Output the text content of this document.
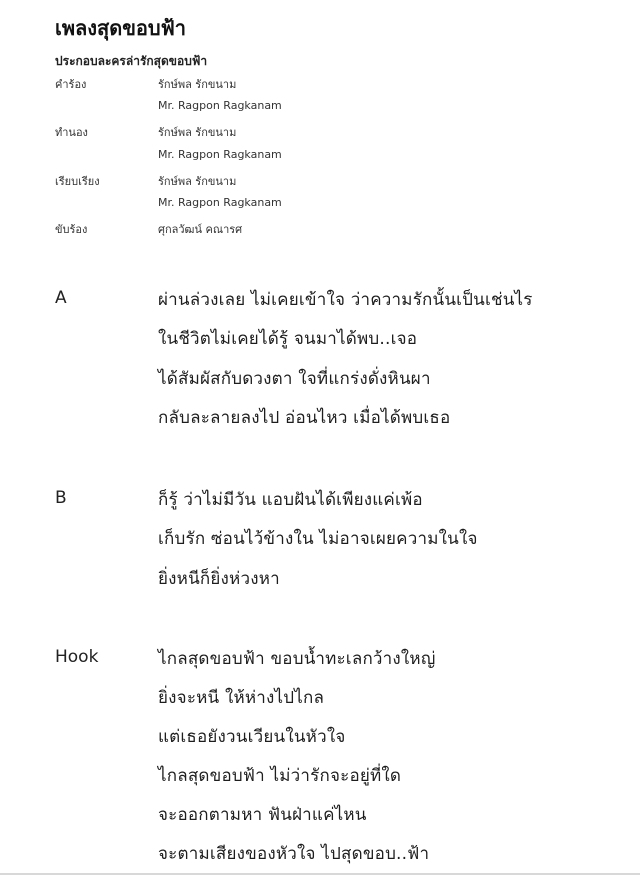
เพลงสุดขอบฟ้า
ประกอบละครล่ารักสุดขอบฟ้า
คำร้อง	รักษ์พล รักขนาม
Mr. Ragpon Ragkanam
ทำนอง	รักษ์พล รักขนาม
Mr. Ragpon Ragkanam
เรียบเรียง	รักษ์พล รักขนาม
Mr. Ragpon Ragkanam
ขับร้อง	ศุกลวัฒน์ คณารศ
A	ผ่านล่วงเลย ไม่เคยเข้าใจ ว่าความรักนั้นเป็นเช่นไร
ในชีวิตไม่เคยได้รู้ จนมาได้พบ..เจอ
ได้สัมผัสกับดวงตา ใจที่แกร่งดั่งหินผา
กลับละลายลงไป อ่อนไหว เมื่อได้พบเธอ
B	ก็รู้ ว่าไม่มีวัน แอบฝันได้เพียงแค่เพ้อ
เก็บรัก ซ่อนไว้ข้างใน ไม่อาจเผยความในใจ
ยิ่งหนีก็ยิ่งห่วงหา
Hook	ไกลสุดขอบฟ้า ขอบน้ำทะเลกว้างใหญ่
ยิ่งจะหนี ให้ห่างไปไกล
แต่เธอยังวนเวียนในหัวใจ
ไกลสุดขอบฟ้า ไม่ว่ารักจะอยู่ที่ใด
จะออกตามหา ฟันฝ่าแค่ไหน
จะตามเสียงของหัวใจ ไปสุดขอบ..ฟ้า
